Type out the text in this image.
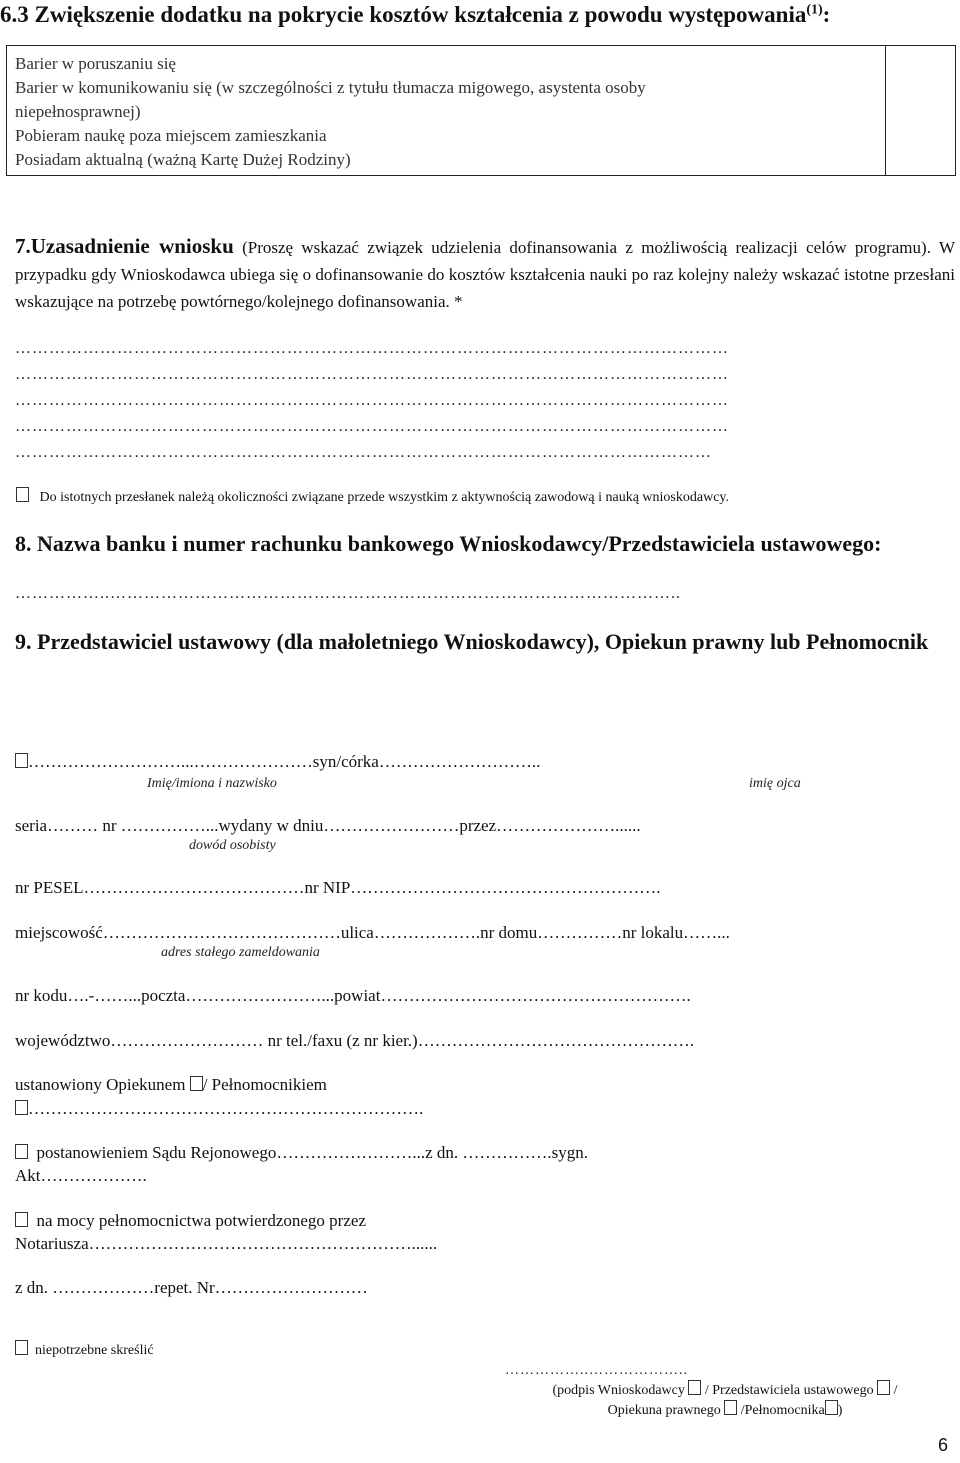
6.3 Zwiększenie dodatku na pokrycie kosztów kształcenia z powodu występowania$^{(1)}$:
Barier w poruszaniu się
Barier w komunikowaniu się (w szczególności z tytułu tłumacza migowego, asystenta osoby niepełnosprawnej)
Pobieram naukę poza miejscem zamieszkania
Posiadam aktualną (ważną Kartę Dużej Rodziny)

7.Uzasadnienie wniosku (Proszę wskazać związek udzielenia dofinansowania z możliwością realizacji celów programu). W przypadku gdy Wnioskodawca ubiega się o dofinansowanie do kosztów kształcenia nauki po raz kolejny należy wskazać istotne przesłani wskazujące na potrzebę powtórnego/kolejnego dofinansowania. *
………………………………………………………………………………………………………………
………………………………………………………………………………………………………………
………………………………………………………………………………………………………………
………………………………………………………………………………………………………………
……………………………………………………………………………………………………………
Do istotnych przesłanek należą okoliczności związane przede wszystkim z aktywnością zawodową i nauką wnioskodawcy.
8. Nazwa banku i numer rachunku bankowego Wnioskodawcy/Przedstawiciela ustawowego:
……………..………………………………………………………………………………………..
9. Przedstawiciel ustawowy (dla małoletniego Wnioskodawcy), Opiekun prawny lub Pełnomocnik
………………………...…………………syn/córka………………………..
Imię/imiona i nazwisko	imię ojca
seria……… nr ……………...wydany w dniu……………………przez…………………......
dowód osobisty
nr PESEL…………………………………nr NIP……………………………………………….
miejscowość……………………………………ulica……………….nr domu……………nr lokalu……...
adres stałego zameldowania
nr kodu….-……...poczta……………………...powiat……………………………………………….
województwo……………………… nr tel./faxu (z nr kier.)………………………………………….
ustanowiony Opiekunem / Pełnomocnikiem
…………………………………………………………….
postanowieniem Sądu Rejonowego……………………...z dn. …………….sygn.
Akt……………….
na mocy pełnomocnictwa potwierdzonego przez
Notariusza…………………………………………………......
z dn. ………………repet. Nr………………………
niepotrzebne skreślić
……………..………………..
(podpis Wnioskodawcy / Przedstawiciela ustawowego /
Opiekuna prawnego /Pełnomocnika )
6
